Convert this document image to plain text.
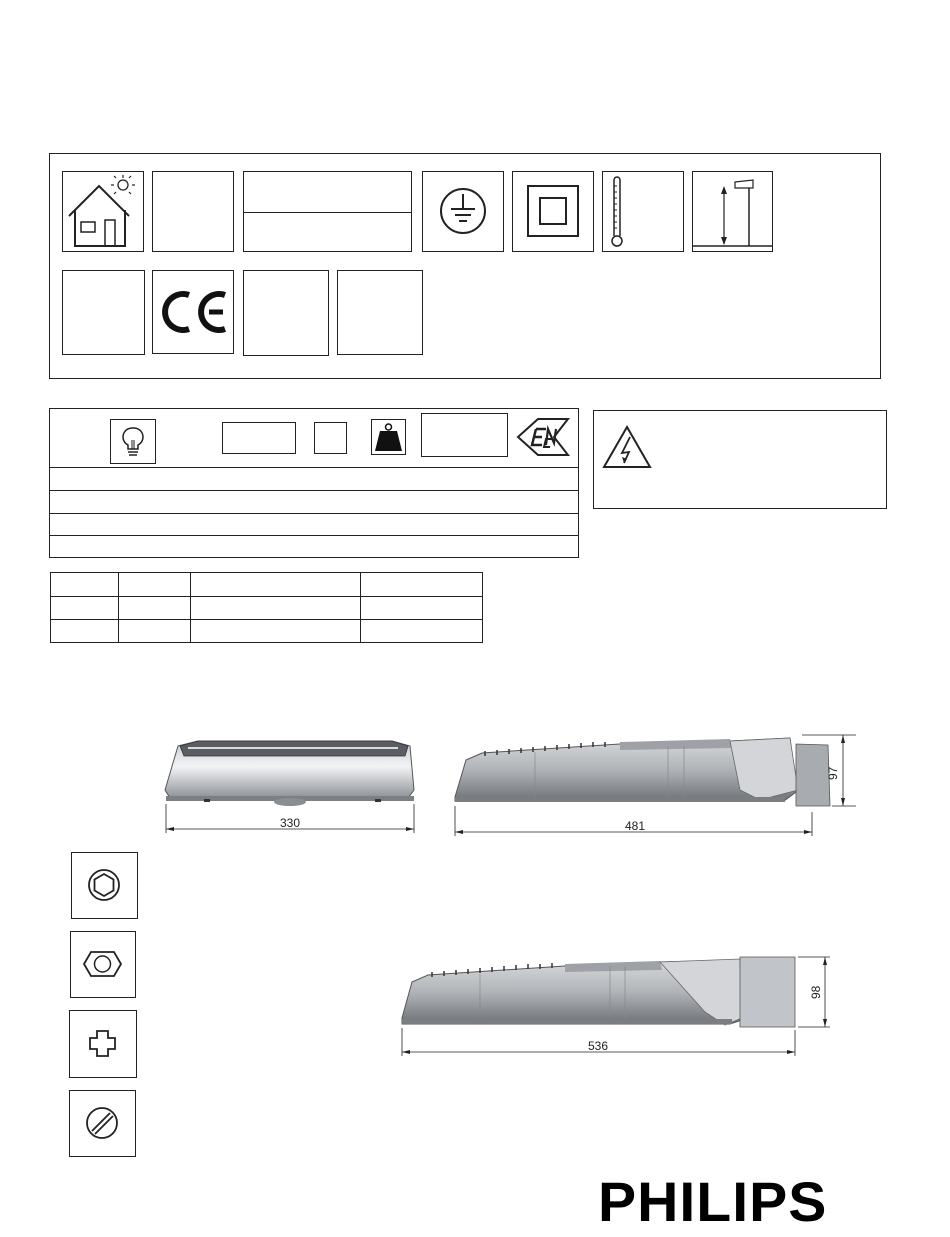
330	481
97
536
98
PHILIPS
